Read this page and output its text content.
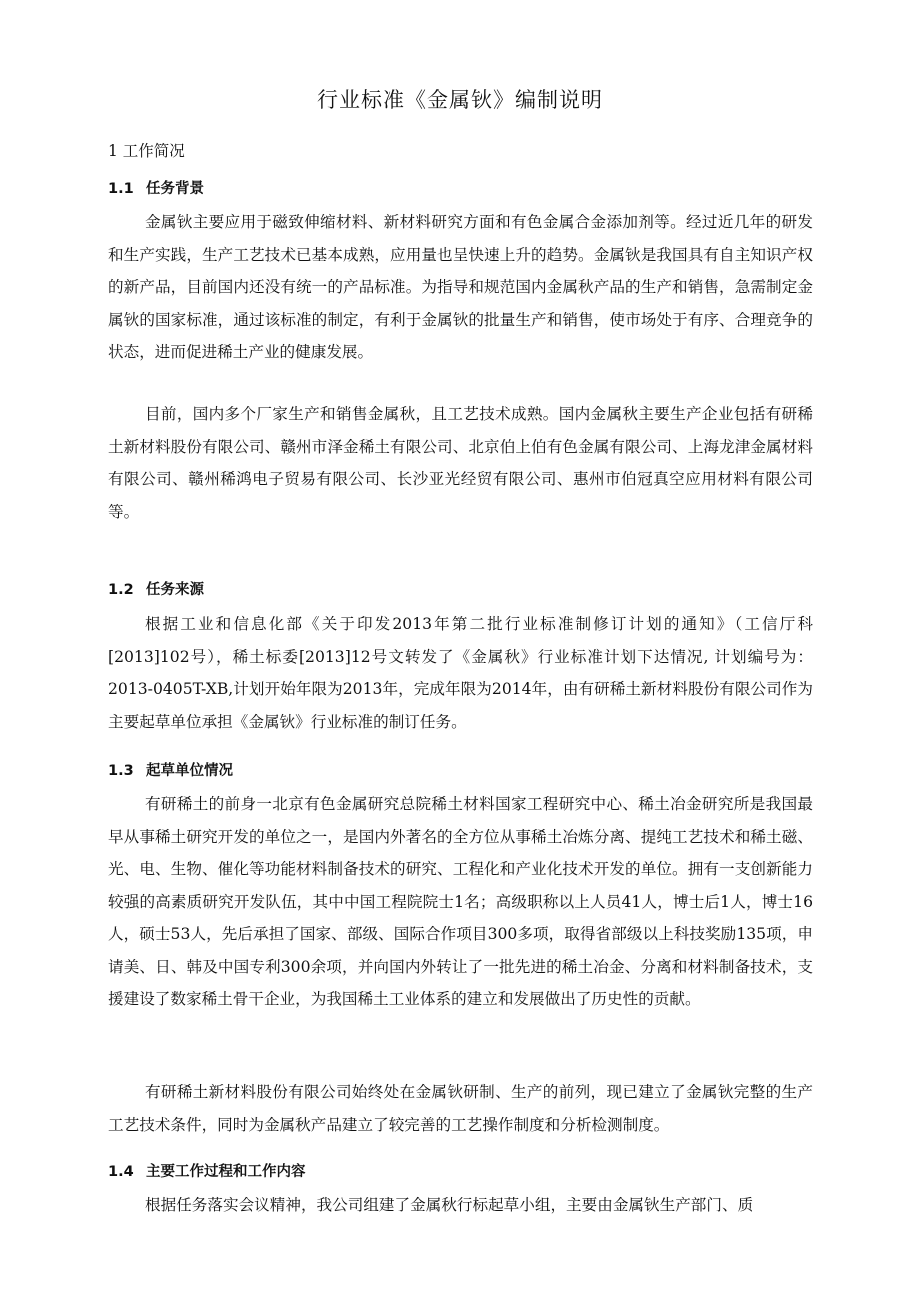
行业标准《金属钬》编制说明
1 工作简况
1.1 任务背景

金属钬主要应用于磁致伸缩材料、新材料研究方面和有色金属合金添加剂等。经过近几年的研发和生产实践，生产工艺技术已基本成熟，应用量也呈快速上升的趋势。金属钬是我国具有自主知识产权的新产品，目前国内还没有统一的产品标准。为指导和规范国内金属秋产品的生产和销售，急需制定金属钬的国家标准，通过该标准的制定，有利于金属钬的批量生产和销售，使市场处于有序、合理竞争的状态，进而促进稀土产业的健康发展。

目前，国内多个厂家生产和销售金属秋，且工艺技术成熟。国内金属秋主要生产企业包括有研稀土新材料股份有限公司、赣州市泽金稀土有限公司、北京伯上伯有色金属有限公司、上海龙津金属材料有限公司、赣州稀鸿电子贸易有限公司、长沙亚光经贸有限公司、惠州市伯冠真空应用材料有限公司等。

1.2 任务来源

根据工业和信息化部《关于印发2013年第二批行业标准制修订计划的通知》（工信厅科[2013]102号），稀土标委[2013]12号文转发了《金属秋》行业标准计划下达情况, 计划编号为：2013-0405T-XB,计划开始年限为2013年，完成年限为2014年，由有研稀土新材料股份有限公司作为主要起草单位承担《金属钬》行业标准的制订任务。

1.3 起草单位情况

有研稀土的前身一北京有色金属研究总院稀土材料国家工程研究中心、稀土冶金研究所是我国最早从事稀土研究开发的单位之一，是国内外著名的全方位从事稀土冶炼分离、提纯工艺技术和稀土磁、光、电、生物、催化等功能材料制备技术的研究、工程化和产业化技术开发的单位。拥有一支创新能力较强的高素质研究开发队伍，其中中国工程院院士1名；高级职称以上人员41人，博士后1人，博士16人，硕士53人，先后承担了国家、部级、国际合作项目300多项，取得省部级以上科技奖励135项，申请美、日、韩及中国专利300余项，并向国内外转让了一批先进的稀土冶金、分离和材料制备技术，支援建设了数家稀土骨干企业，为我国稀土工业体系的建立和发展做出了历史性的贡献。

有研稀土新材料股份有限公司始终处在金属钬研制、生产的前列，现已建立了金属钬完整的生产工艺技术条件，同时为金属秋产品建立了较完善的工艺操作制度和分析检测制度。

1.4 主要工作过程和工作内容

根据任务落实会议精神，我公司组建了金属秋行标起草小组，主要由金属钬生产部门、质
